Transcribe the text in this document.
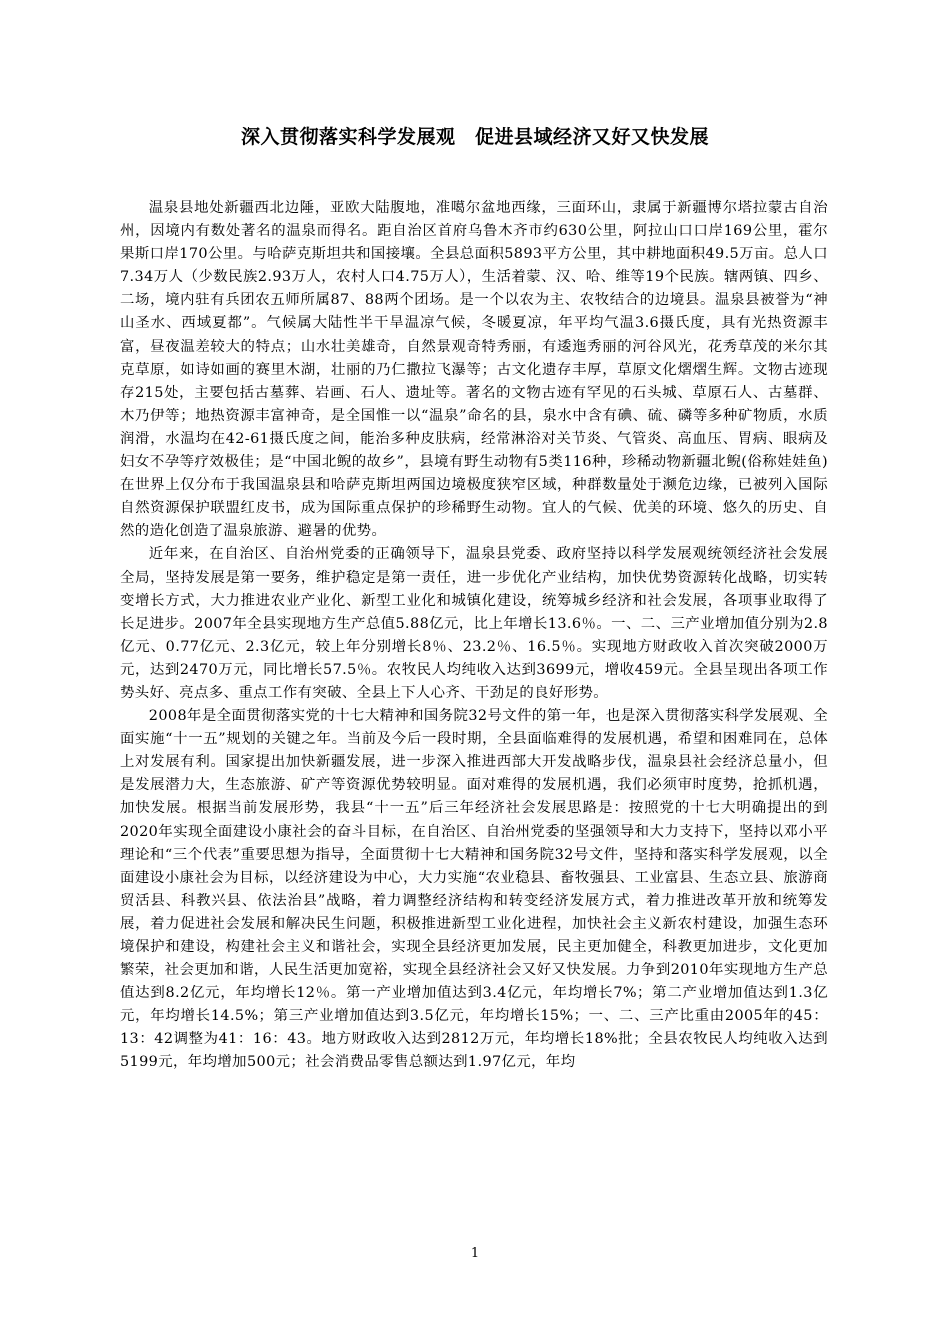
深入贯彻落实科学发展观　促进县域经济又好又快发展

温泉县地处新疆西北边陲，亚欧大陆腹地，准噶尔盆地西缘，三面环山，隶属于新疆博尔塔拉蒙古自治州，因境内有数处著名的温泉而得名。距自治区首府乌鲁木齐市约630公里，阿拉山口口岸169公里，霍尔果斯口岸170公里。与哈萨克斯坦共和国接壤。全县总面积5893平方公里，其中耕地面积49.5万亩。总人口7.34万人（少数民族2.93万人，农村人口4.75万人），生活着蒙、汉、哈、维等19个民族。辖两镇、四乡、二场，境内驻有兵团农五师所属87、88两个团场。是一个以农为主、农牧结合的边境县。温泉县被誉为“神山圣水、西域夏都”。气候属大陆性半干旱温凉气候，冬暖夏凉，年平均气温3.6摄氏度，具有光热资源丰富，昼夜温差较大的特点；山水壮美雄奇，自然景观奇特秀丽，有逶迤秀丽的河谷风光，花秀草茂的米尔其克草原，如诗如画的赛里木湖，壮丽的乃仁撒拉飞瀑等；古文化遗存丰厚，草原文化熠熠生辉。文物古迹现存215处，主要包括古墓葬、岩画、石人、遗址等。著名的文物古迹有罕见的石头城、草原石人、古墓群、木乃伊等；地热资源丰富神奇，是全国惟一以“温泉”命名的县，泉水中含有碘、硫、磷等多种矿物质，水质润滑，水温均在42-61摄氏度之间，能治多种皮肤病，经常淋浴对关节炎、气管炎、高血压、胃病、眼病及妇女不孕等疗效极佳；是“中国北鲵的故乡”，县境有野生动物有5类116种，珍稀动物新疆北鲵(俗称娃娃鱼)在世界上仅分布于我国温泉县和哈萨克斯坦两国边境极度狭窄区域，种群数量处于濒危边缘，已被列入国际自然资源保护联盟红皮书，成为国际重点保护的珍稀野生动物。宜人的气候、优美的环境、悠久的历史、自然的造化创造了温泉旅游、避暑的优势。

近年来，在自治区、自治州党委的正确领导下，温泉县党委、政府坚持以科学发展观统领经济社会发展全局，坚持发展是第一要务，维护稳定是第一责任，进一步优化产业结构，加快优势资源转化战略，切实转变增长方式，大力推进农业产业化、新型工业化和城镇化建设，统筹城乡经济和社会发展，各项事业取得了长足进步。2007年全县实现地方生产总值5.88亿元，比上年增长13.6％。一、二、三产业增加值分别为2.8亿元、0.77亿元、2.3亿元，较上年分别增长8％、23.2％、16.5％。实现地方财政收入首次突破2000万元，达到2470万元，同比增长57.5％。农牧民人均纯收入达到3699元，增收459元。全县呈现出各项工作势头好、亮点多、重点工作有突破、全县上下人心齐、干劲足的良好形势。

2008年是全面贯彻落实党的十七大精神和国务院32号文件的第一年，也是深入贯彻落实科学发展观、全面实施“十一五”规划的关键之年。当前及今后一段时期，全县面临难得的发展机遇，希望和困难同在，总体上对发展有利。国家提出加快新疆发展，进一步深入推进西部大开发战略步伐，温泉县社会经济总量小，但是发展潜力大，生态旅游、矿产等资源优势较明显。面对难得的发展机遇，我们必须审时度势，抢抓机遇，加快发展。根据当前发展形势，我县“十一五”后三年经济社会发展思路是：按照党的十七大明确提出的到2020年实现全面建设小康社会的奋斗目标，在自治区、自治州党委的坚强领导和大力支持下，坚持以邓小平理论和“三个代表”重要思想为指导，全面贯彻十七大精神和国务院32号文件，坚持和落实科学发展观，以全面建设小康社会为目标，以经济建设为中心，大力实施“农业稳县、畜牧强县、工业富县、生态立县、旅游商贸活县、科教兴县、依法治县”战略，着力调整经济结构和转变经济发展方式，着力推进改革开放和统筹发展，着力促进社会发展和解决民生问题，积极推进新型工业化进程，加快社会主义新农村建设，加强生态环境保护和建设，构建社会主义和谐社会，实现全县经济更加发展，民主更加健全，科教更加进步，文化更加繁荣，社会更加和谐，人民生活更加宽裕，实现全县经济社会又好又快发展。力争到2010年实现地方生产总值达到8.2亿元，年均增长12％。第一产业增加值达到3.4亿元，年均增长7%；第二产业增加值达到1.3亿元，年均增长14.5%；第三产业增加值达到3.5亿元，年均增长15%；一、二、三产比重由2005年的45：13：42调整为41：16：43。地方财政收入达到2812万元，年均增长18%批；全县农牧民人均纯收入达到5199元，年均增加500元；社会消费品零售总额达到1.97亿元，年均

1
